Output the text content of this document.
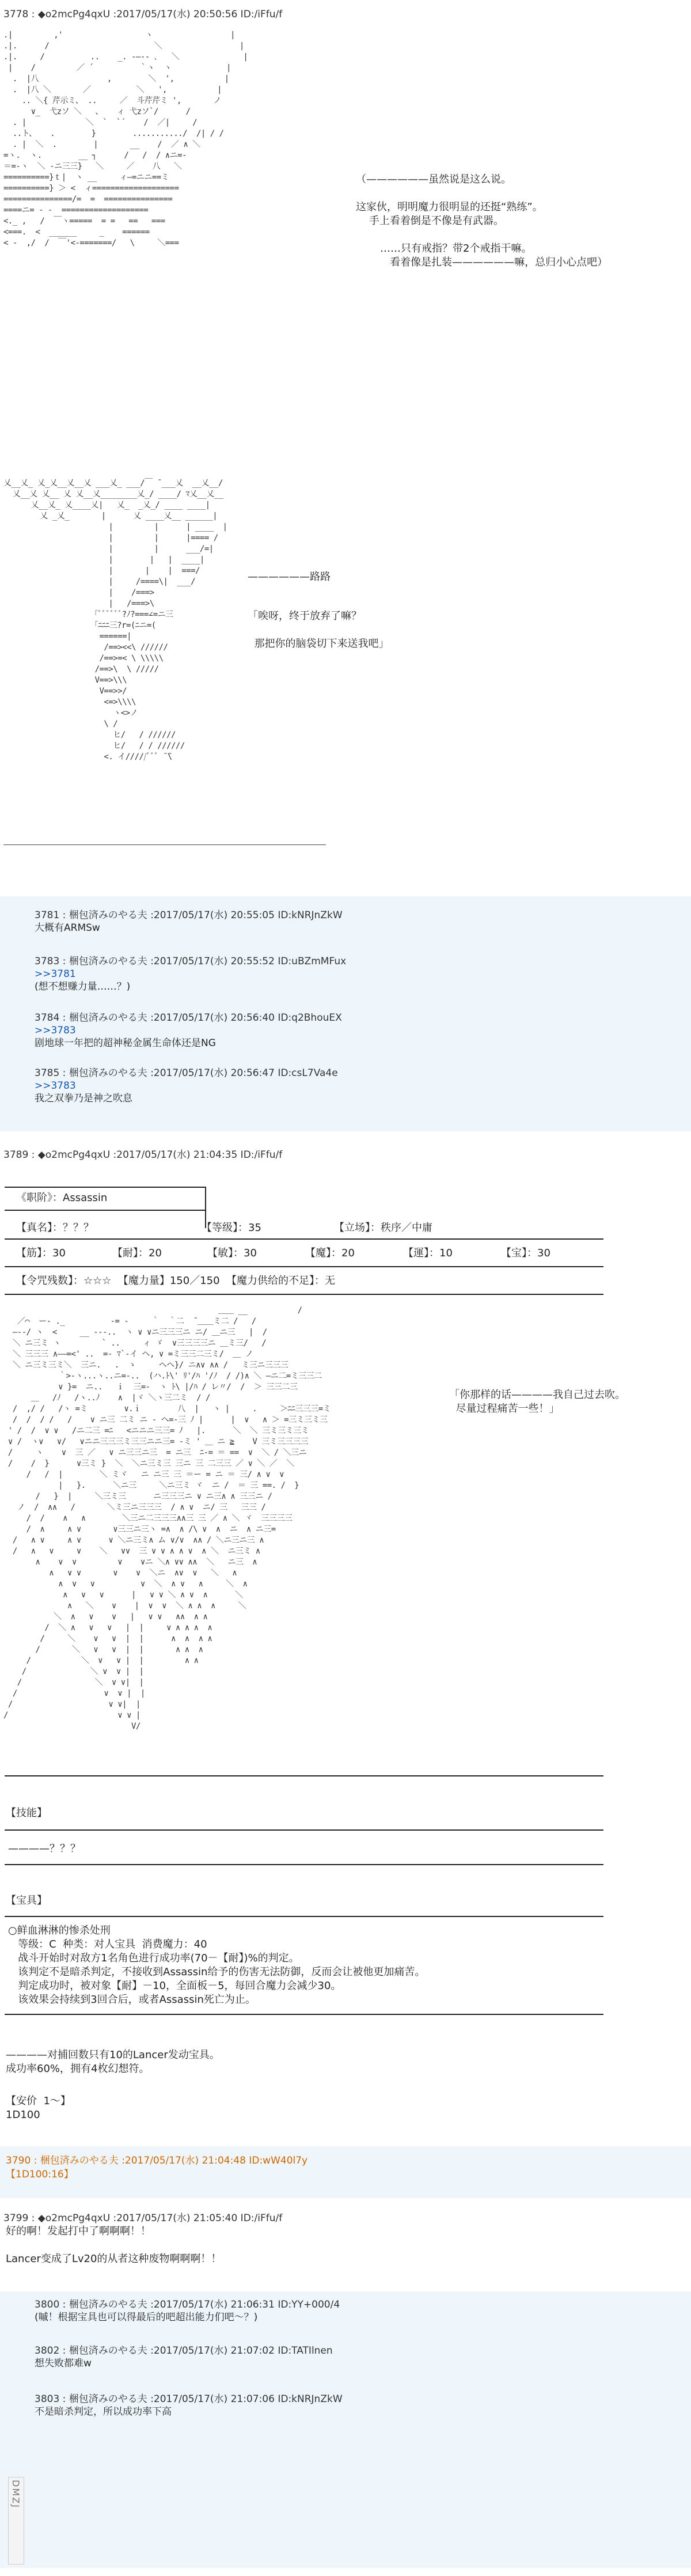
3778 : ◆o2mcPg4qxU :2017/05/17(水) 20:50:56 ID:/iFfu/f
.|         ,'                  ヽ                 |
.|.      /                       ＼                 |
.|.     /          ..    _. -―‐- ､   ＼              |
|    /         ／ ´          ｀ヽ  ヽ            |
.  |八               ,        ＼  ',           |
.  |八 ＼       ／          ＼   ',           |
.. ＼{ 芹示ミ、 ..     ／  斗芹芹ミ ',       ノ
∨_  弋zソ ＼   、   ィ 弋zソ`/      /
. |             ＼  `  `´    /  ／|     /
..ト、   .        }        .........../  /| / /
. |  ＼  .        |       __    /  ／ ∧ ＼
=ヽ.  ヽ.        __ ┐      /   /  / ∧ニ=-
＝=-ヽ  ＼ -ニ三三}   ＼     ／    八   ＼
==========}ｔ|  ヽ __     ィ―=ニニ==ミ
==========} ＞ <  ィ===================
===============/=  =  ===============
====ニ= - -  ===================
<._ ,   /  ￣ヽ=====  = =   ==   ===
<===.  <  ______     _    ======
< -  ,/  /  ￣'<-=======/   \     ＼===
（——————虽然说是这么说。
这家伙，明明魔力很明显的还挺“熟练”。
手上看着倒是不像是有武器。
……只有戒指？带2个戒指干嘛。
看着像是扎装——————嘛，总归小心点吧）
乂__乂_ 乂_乂__乂__乂 ___乂_ ___/￣ ̄ ___乂  __乂__/
乂__乂 乂__ 乂 乂__乂________乂_/ ____/ ﾏ乂__乂__
乂__乂_ 乂____乂|   乂_  _乂_/ ____ ____|
乂 _乂_       |      乂 ____乂__ ______|
|         |      | ____  |
|         |      |==== /
|         |      ___/=|
|        |   |  ____|
|       |    |  ===/
|     /====\|  ___/
|    /===>
|   /===>\
「ﾞﾞﾞﾞﾞﾞ?ﾉ?===∠=ニ三
「ﾆﾆﾆ三?r=(ﾆニ=(
======|
/==><<\ //////
/==>=< \ \\\\\
/==>\  \ /////
V==>\\\
V==>>/
<=>\\\\
ヽ<>ノ
\ /
ヒ/   / //////
ヒ/   / / //////
<. イ/////ﾞﾞﾞ ̄ ̄\
——————路路
「唉呀，终于放弃了嘛？

那把你的脑袋切下来送我吧」
3781 : 梱包済みのやる夫 :2017/05/17(水) 20:55:05 ID:kNRJnZkW
大概有ARMSw
3783 : 梱包済みのやる夫 :2017/05/17(水) 20:55:52 ID:uBZmMFux
>>3781
(想不想赚力量……？)
3784 : 梱包済みのやる夫 :2017/05/17(水) 20:56:40 ID:q2BhouEX
>>3783
剧地球一年把的超神秘金属生命体还是NG
3785 : 梱包済みのやる夫 :2017/05/17(水) 20:56:47 ID:csL7Va4e
>>3783
我之双拳乃是神之吹息
3789 : ◆o2mcPg4qxU :2017/05/17(水) 21:04:35 ID:/iFfu/f
《职阶》：Assassin
【真名】：？？？	【等级】：35	【立场】：秩序／中庸
【筋】：30	【耐】：20	【敏】：30	【魔】：20	【運】：10	【宝】：30
【令咒残数】：☆☆☆  【魔力量】150／150  【魔力供给的不足】：无
＿＿ __           /
／⌒  ー- ._          -= ‐     ｀  ｀二  ̄ ＿＿ミ二 /   /
―--/ ヽ  <     __ ---..  ヽ ∨ ∨ニ三三三ニ ニ/ ＿ニ三   |  /
＼ ニ三ミ ヽ         ` ..     ィ ゞ  ∨三三三三ニ ＿ミ三/   /
＼ 三三三 ∧――=<' ..  =- ﾏ`-イ ヘ, ∨ =ミ三三二三ミ/  ＿ ノ
＼ ニ三ミ三ミ＼  三ニ.   .  ゝ     ヘヘ}/ ニ∧∨ ∧∧ /   ミ三ニ三三三
｀>-ヽ...ヽ..ニ=-..  (ハ.ﾄ\' ﾘ'/ﾊ '/ﾉ  / /)∧ ＼ ―ニ二=ミ三三二
∨ }=  ニ..   ｉ  三=-  ヽ ﾄ\ |/ﾊ / レ〃/  /  ＞ 三三二三
＿   /ﾉ   /ヽ..ﾉ    ∧  |ヾ ＼ヽ三二ミ  / /
/  ,/ /   /ヽ =ミ        ∨.ｉ        八  |   ヽ |     .     ＞ﾆﾆ三三三=ミ
/  /  / /   /    ∨ ニ三 二ミ ニ - ヘ=-三 ﾉ |      |  ∨   ∧ ＞ =三ミ三ミ三
' /  /  ∨ ∨   /ニ二三 =ﾆ   <ニニニ三三= ﾉ   |.      ＼  ＼ 三ミ三ミ三ミ
∨ /  ヽ∨   ∨/   ∨ニニ三三三ミ三三ニニ三= -ミ ' ＿ ニ ≧    V 三ミ三三三三
/     ヽ    ∨  三 ／   ∨ ニ三三ニ三  = ニ三  ﾆ-= ＝ ==  ∨  ＼ / ＼三ニ
/    /  }      ∨三ミ }  ＼  ＼ニ三ミ三 三ニ 三 二三三 ／ ∨ ＼ ／  ＼
/   /  |        ＼ ミヾ   ニ ニ三 三 ＝ー = ニ ＝ 三/ ∧ ∨  ∨
|   }.      ＼ニ三     ＼ニ三ミ ヾ  ニ /  ＝ 三 ==. /  }
/   }  |     ＼三ミ三      ニ三三三ニ ∨ ニ三∧ ∧ 三三ニ /
ノ  /  ∧∧   /       ＼ミ三ニ三三三  / ∧ ∨  ニ/ 三   三三 /
/  /    ∧   ∧        ＼三ニ二三三三∧∧三 三 ／ ∧ ＼ ヾ  三三三三
/  ∧     ∧ ∨       ∨三三ニ三ヽ =∧  ∧ /\ ∨  ∧  ニ  ∧ ニ三=
/   ∧ ∨     ∧ ∨      ∨ ＼ニ三ミ∧ ム ∨/∨  ∧∧ / ＼ニ三ニ三 ∧
/   ∧   ∨     ∨    ＼   ∨∨  三 ∨ ∨ ∧ ∧ ∨  ∧ ＼  ニ三ミ ∧
∧    ∨  ∨         ∨    ∨ニ ＼∧ ∨∨ ∧∧  ＼   ニ三  ∧
∧   ∨ ∨       ∨    ∨  ＼ニ  ∧∨  ∨   ＼   ∧
∧  ∨   ∨          ∨  ＼  ∧ ∨   ∧     ＼  ∧
∧   ∨   ∨      |   ∨ ∨ ＼ ∧ ∨  ∧      ＼
∧   ＼    ∨    |  ∨  ∨  ＼ ∧ ∧  ∧     ＼
＼  ∧   ∨    ∨   |   ∨ ∨   ∧∧  ∧ ∧
/  ＼ ∧   ∨   ∨   |  |     ∨ ∧ ∧ ∧  ∧
/     ＼    ∨   ∨  |  |      ∧  ∧  ∧ ∧
/       ＼   ∨   ∨  |  |       ∧ ∧  ∧
/           ＼  ∨   ∨ |  |         ∧ ∧
/              ＼ ∨  ∨ |  |
/                ＼  ∨ ∨|  |
/                   ∨  ∨ |  |
/                     ∨ ∨|  |
/                        ∨ ∨ |
V/
「你那样的话————我自己过去吹。
尽量过程痛苦一些！」
【技能】
————？？？
【宝具】
○鲜血淋淋的惨杀处刑
等级：C  种类：对人宝具  消费魔力：40
战斗开始时对敌方1名角色进行成功率(70－【耐】)%的判定。
该判定不是暗杀判定，不接收到Assassin给予的伤害无法防御，反而会让被他更加痛苦。
判定成功时，被对象【耐】－10，全面板－5，每回合魔力会减少30。
该效果会持续到3回合后，或者Assassin死亡为止。
————对捕回数只有10的Lancer发动宝具。
成功率60%，拥有4枚幻想符。
【安价  1～】
1D100
3790 : 梱包済みのやる夫 :2017/05/17(水) 21:04:48 ID:wW40l7y
【1D100:16】
3799 : ◆o2mcPg4qxU :2017/05/17(水) 21:05:40 ID:/iFfu/f
好的啊！发起打中了啊啊啊！！

Lancer变成了Lv20的从者这种废物啊啊啊！！
3800 : 梱包済みのやる夫 :2017/05/17(水) 21:06:31 ID:YY+000/4
(嘁！根据宝具也可以得最后的吧超出能力们吧～？)
3802 : 梱包済みのやる夫 :2017/05/17(水) 21:07:02 ID:TATIlnen
想失败都难w
3803 : 梱包済みのやる夫 :2017/05/17(水) 21:07:06 ID:kNRJnZkW
不是暗杀判定，所以成功率下高
DMZJ
